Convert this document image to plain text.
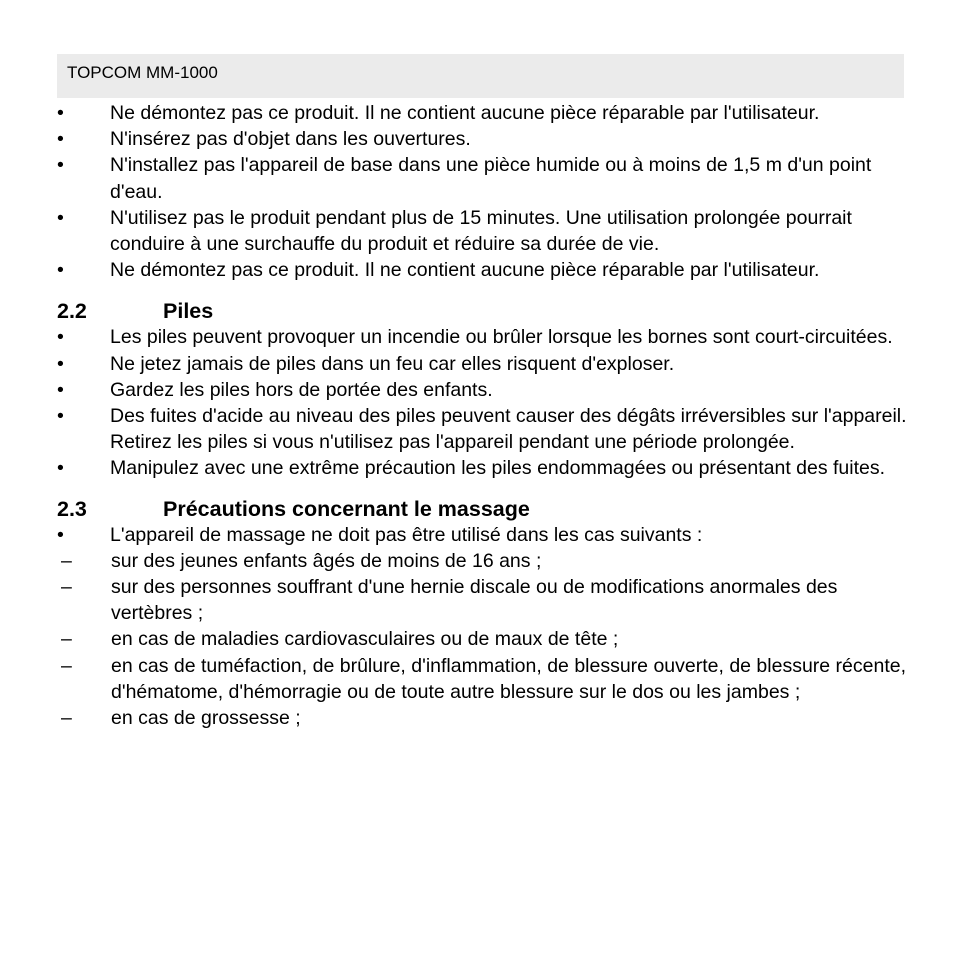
TOPCOM MM-1000
• Ne démontez pas ce produit. Il ne contient aucune pièce réparable par l'utilisateur.
• N'insérez pas d'objet dans les ouvertures.
• N'installez pas l'appareil de base dans une pièce humide ou à moins de 1,5 m d'un point d'eau.
• N'utilisez pas le produit pendant plus de 15 minutes. Une utilisation prolongée pourrait conduire à une surchauffe du produit et réduire sa durée de vie.
• Ne démontez pas ce produit. Il ne contient aucune pièce réparable par l'utilisateur.
2.2	Piles
• Les piles peuvent provoquer un incendie ou brûler lorsque les bornes sont court-circuitées.
• Ne jetez jamais de piles dans un feu car elles risquent d'exploser.
• Gardez les piles hors de portée des enfants.
• Des fuites d'acide au niveau des piles peuvent causer des dégâts irréversibles sur l'appareil. Retirez les piles si vous n'utilisez pas l'appareil pendant une période prolongée.
• Manipulez avec une extrême précaution les piles endommagées ou présentant des fuites.
2.3	Précautions concernant le massage
• L'appareil de massage ne doit pas être utilisé dans les cas suivants :
– sur des jeunes enfants âgés de moins de 16 ans ;
– sur des personnes souffrant d'une hernie discale ou de modifications anormales des vertèbres ;
– en cas de maladies cardiovasculaires ou de maux de tête ;
– en cas de tuméfaction, de brûlure, d'inflammation, de blessure ouverte, de blessure récente, d'hématome, d'hémorragie ou de toute autre blessure sur le dos ou les jambes ;
– en cas de grossesse ;
